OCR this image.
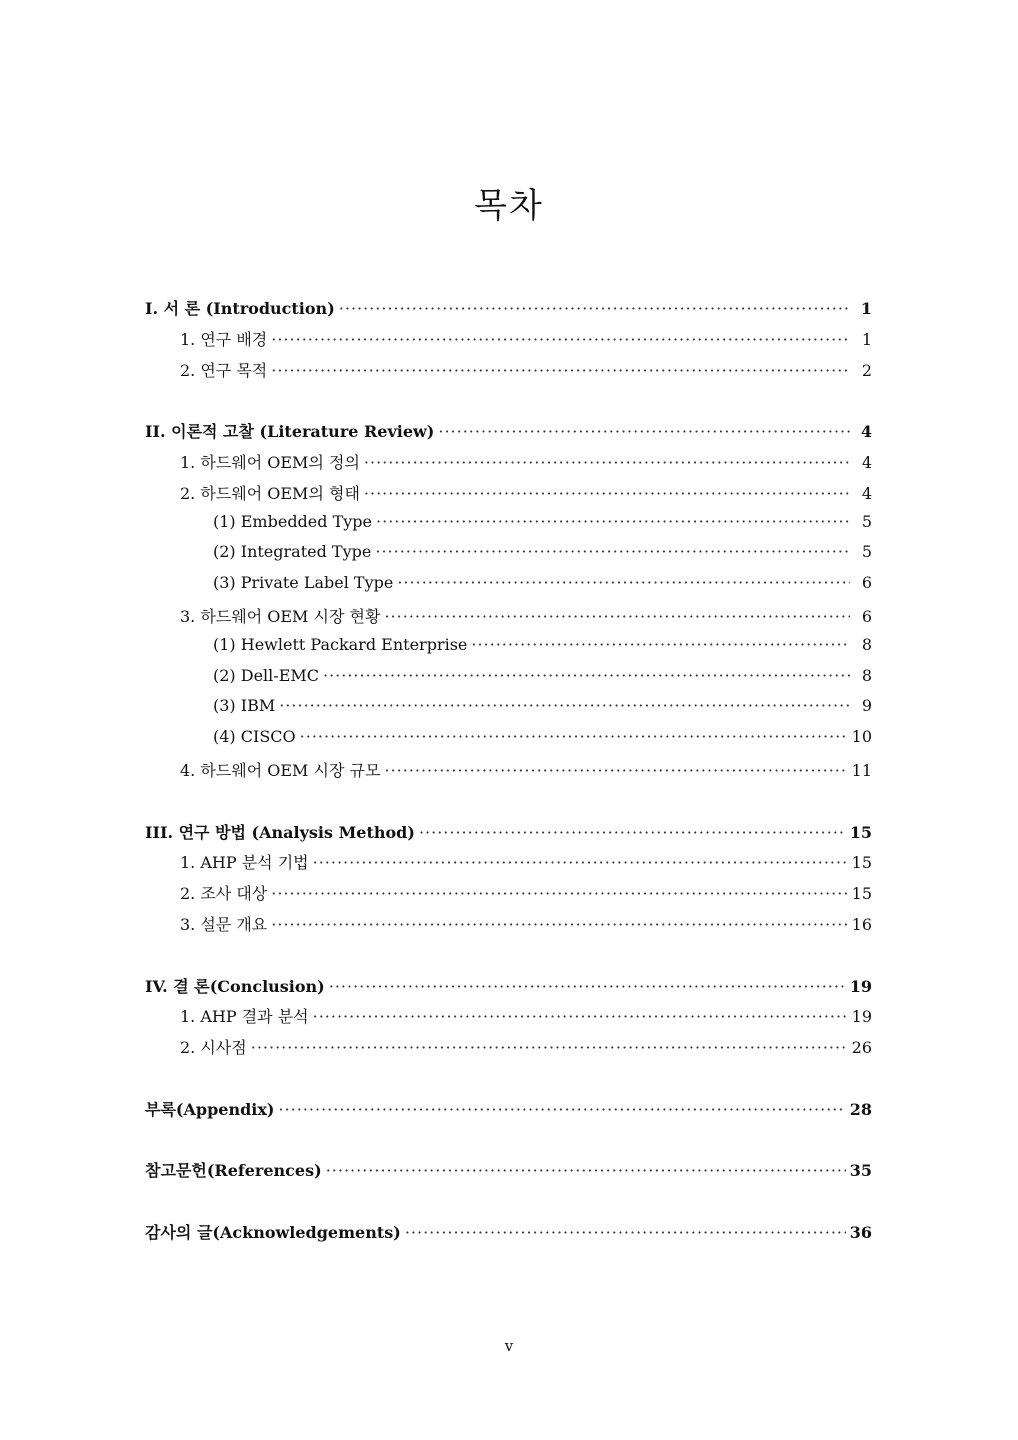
목차
I. 서 론 (Introduction) ·····	1
1. 연구 배경 ·····	1
2. 연구 목적 ·····	2
II. 이론적 고찰 (Literature Review) ·····	4
1. 하드웨어 OEM의 정의 ·····	4
2. 하드웨어 OEM의 형태 ·····	4
(1) Embedded Type ·····	5
(2) Integrated Type ·····	5
(3) Private Label Type ·····	6
3. 하드웨어 OEM 시장 현황 ·····	6
(1) Hewlett Packard Enterprise ·····	8
(2) Dell-EMC ·····	8
(3) IBM ·····	9
(4) CISCO ·····	10
4. 하드웨어 OEM 시장 규모 ·····	11
III. 연구 방법 (Analysis Method) ·····	15
1. AHP 분석 기법 ·····	15
2. 조사 대상 ·····	15
3. 설문 개요 ·····	16
IV. 결 론(Conclusion) ·····	19
1. AHP 결과 분석 ·····	19
2. 시사점 ·····	26
부록(Appendix) ·····	28
참고문헌(References) ·····	35
감사의 글(Acknowledgements) ·····	36
v
